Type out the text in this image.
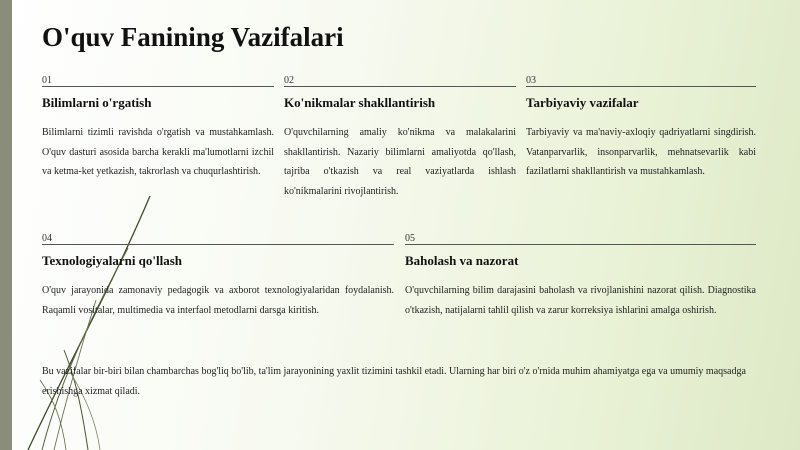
O'quv Fanining Vazifalari
01
Bilimlarni o'rgatish
Bilimlarni tizimli ravishda o'rgatish va mustahkamlash. O'quv dasturi asosida barcha kerakli ma'lumotlarni izchil va ketma-ket yetkazish, takrorlash va chuqurlashtirish.
02
Ko'nikmalar shakllantirish
O'quvchilarning amaliy ko'nikma va malakalarini shakllantirish. Nazariy bilimlarni amaliyotda qo'llash, tajriba o'tkazish va real vaziyatlarda ishlash ko'nikmalarini rivojlantirish.
03
Tarbiyaviy vazifalar
Tarbiyaviy va ma'naviy-axloqiy qadriyatlarni singdirish. Vatanparvarlik, insonparvarlik, mehnatsevarlik kabi fazilatlarni shakllantirish va mustahkamlash.
04
Texnologiyalarni qo'llash
O'quv jarayonida zamonaviy pedagogik va axborot texnologiyalaridan foydalanish. Raqamli vositalar, multimedia va interfaol metodlarni darsga kiritish.
05
Baholash va nazorat
O'quvchilarning bilim darajasini baholash va rivojlanishini nazorat qilish. Diagnostika o'tkazish, natijalarni tahlil qilish va zarur korreksiya ishlarini amalga oshirish.
Bu vazifalar bir-biri bilan chambarchas bog'liq bo'lib, ta'lim jarayonining yaxlit tizimini tashkil etadi. Ularning har biri o'z o'rnida muhim ahamiyatga ega va umumiy maqsadga erishishga xizmat qiladi.
